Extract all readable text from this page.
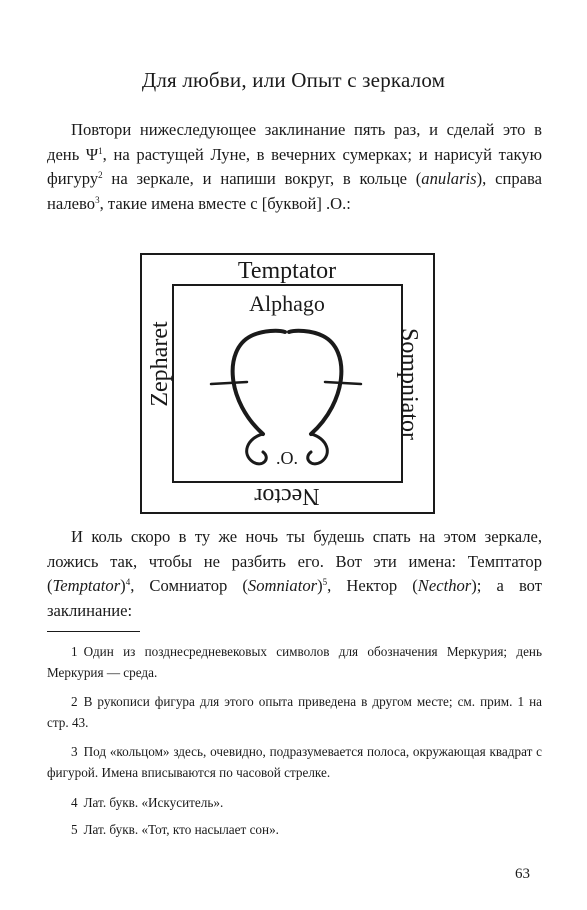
Для любви, или Опыт с зеркалом

Повтори нижеследующее заклинание пять раз, и сделай это в день $\Psi^1$, на растущей Луне, в вечерних сумерках; и нарисуй такую фигуру$^2$ на зеркале, и напиши вокруг, в кольце (anularis), справа налево$^3$, такие имена вместе с [буквой] .O.:

Temptator
Sompniator
Nector
Zepharet
Alphago
.O.

И коль скоро в ту же ночь ты будешь спать на этом зеркале, ложись так, чтобы не разбить его. Вот эти имена: Темптатор (Temptator)$^4$, Сомниатор (Somniator)$^5$, Нектор (Necthor); а вот заклинание:

1 Один из позднесредневековых символов для обозначения Меркурия; день Меркурия — среда.

2 В рукописи фигура для этого опыта приведена в другом месте; см. прим. 1 на стр. 43.

3 Под «кольцом» здесь, очевидно, подразумевается полоса, окружающая квадрат с фигурой. Имена вписываются по часовой стрелке.

4 Лат. букв. «Искуситель».

5 Лат. букв. «Тот, кто насылает сон».

63
